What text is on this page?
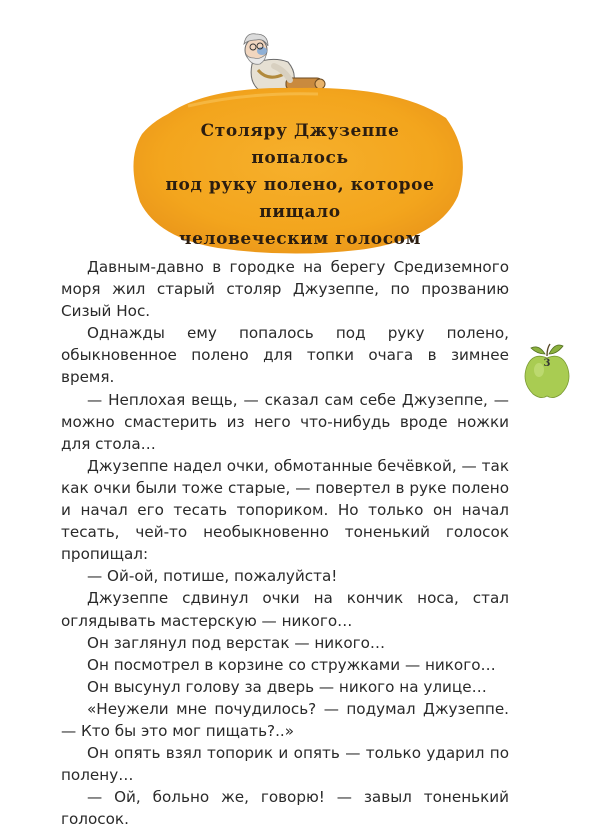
Столяру Джузеппе попалось
под руку полено, которое пищало
человеческим голосом

Давным-давно в городке на берегу Средиземного моря жил старый столяр Джузеппе, по прозванию Сизый Нос.

Однажды ему попалось под руку полено, обыкновенное полено для топки очага в зимнее время.

— Неплохая вещь, — сказал сам себе Джузеппе, — можно смастерить из него что-нибудь вроде ножки для стола…

Джузеппе надел очки, обмотанные бечёвкой, — так как очки были тоже старые, — повертел в руке полено и начал его тесать топориком. Но только он начал тесать, чей-то необыкновенно тоненький голосок пропищал:

— Ой-ой, потише, пожалуйста!

Джузеппе сдвинул очки на кончик носа, стал оглядывать мастерскую — никого…

Он заглянул под верстак — никого…

Он посмотрел в корзине со стружками — никого…

Он высунул голову за дверь — никого на улице…

«Неужели мне почудилось? — подумал Джузеппе. — Кто бы это мог пищать?..»

Он опять взял топорик и опять — только ударил по полену…

— Ой, больно же, говорю! — завыл тоненький голосок.

3
